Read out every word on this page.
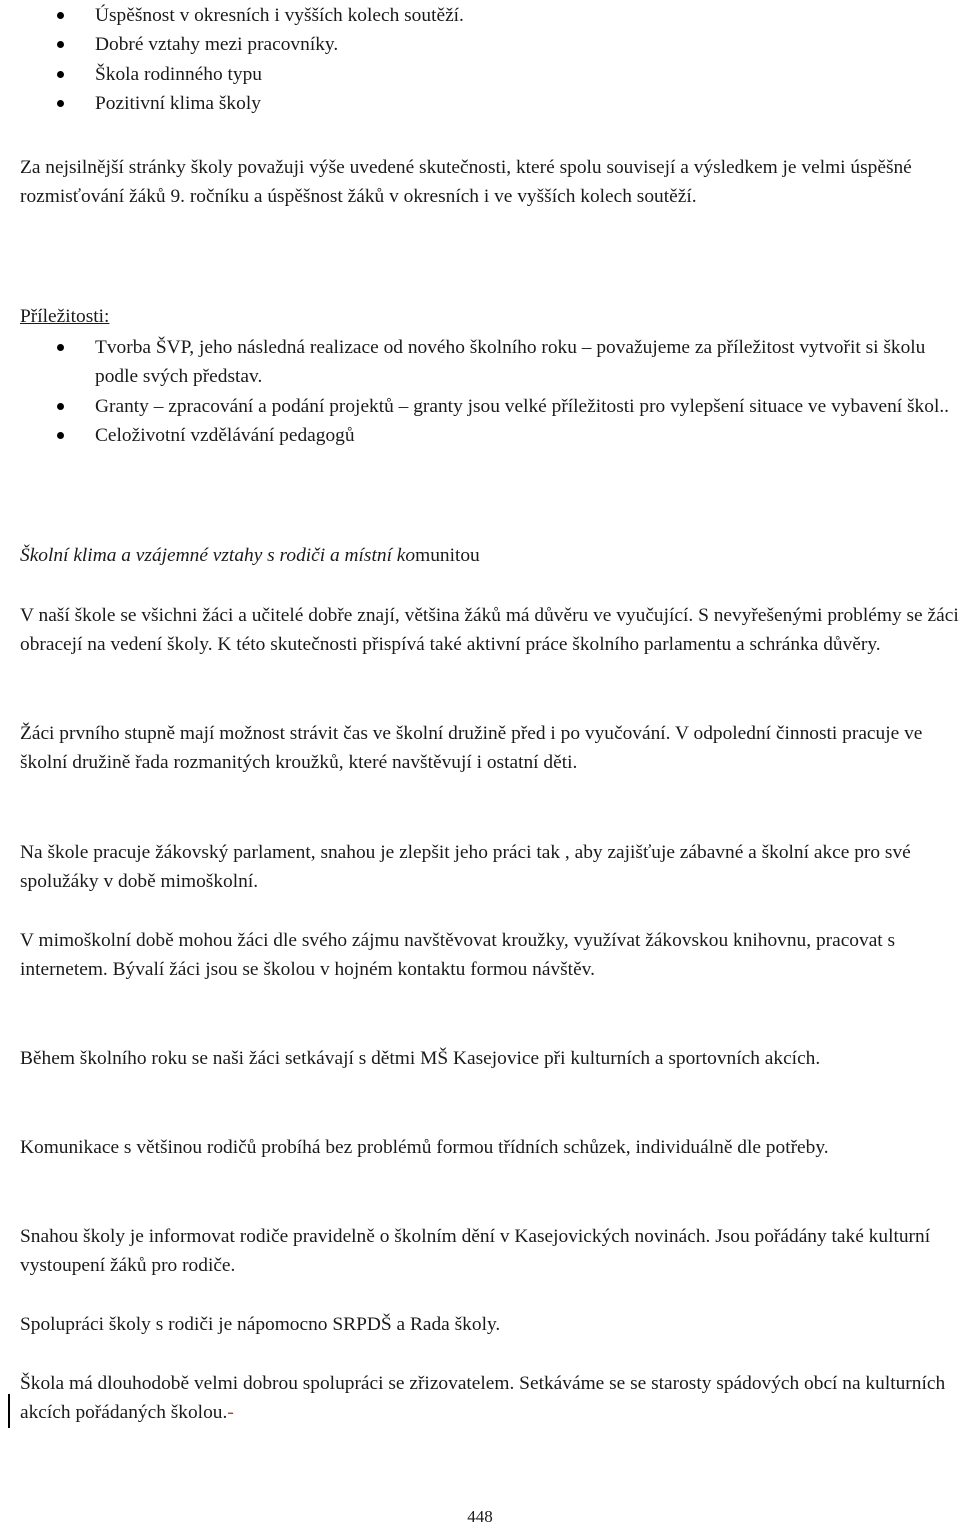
Úspěšnost v okresních i vyšších kolech soutěží.
Dobré vztahy mezi pracovníky.
Škola rodinného typu
Pozitivní klima školy

Za nejsilnější stránky školy považuji výše uvedené skutečnosti, které spolu souvisejí a výsledkem je velmi úspěšné rozmisťování žáků 9. ročníku a úspěšnost žáků v okresních i ve vyšších kolech soutěží.

Příležitosti:

Tvorba ŠVP, jeho následná realizace od nového školního roku – považujeme za příležitost vytvořit si školu podle svých představ.
Granty – zpracování a podání projektů – granty jsou velké příležitosti pro vylepšení situace ve vybavení škol..
Celoživotní vzdělávání pedagogů

Školní klima a vzájemné vztahy s rodiči a místní komunitou

V naší škole se všichni žáci a učitelé dobře znají, většina žáků má důvěru ve vyučující. S nevyřešenými problémy se žáci obracejí na vedení školy. K této skutečnosti přispívá také aktivní práce školního parlamentu a schránka důvěry.

Žáci prvního stupně mají možnost strávit čas ve školní družině před i po vyučování. V odpolední činnosti pracuje ve školní družině řada rozmanitých kroužků, které navštěvují i ostatní děti.

Na škole pracuje žákovský parlament, snahou je zlepšit jeho práci tak , aby zajišťuje zábavné a školní akce pro své spolužáky v době mimoškolní.

V mimoškolní době mohou žáci dle svého zájmu navštěvovat kroužky, využívat žákovskou knihovnu, pracovat s internetem. Bývalí žáci jsou se školou v hojném kontaktu formou návštěv.

Během školního roku se naši žáci setkávají s dětmi MŠ Kasejovice při kulturních a sportovních akcích.

Komunikace s většinou rodičů probíhá bez problémů formou třídních schůzek, individuálně dle potřeby.

Snahou školy je informovat rodiče pravidelně o školním dění v Kasejovických novinách. Jsou pořádány také kulturní vystoupení žáků pro rodiče.

Spolupráci školy s rodiči je nápomocno SRPDŠ a Rada školy.

Škola má dlouhodobě velmi dobrou spolupráci se zřizovatelem. Setkáváme se se starosty spádových obcí na kulturních akcích pořádaných školou.-

448
